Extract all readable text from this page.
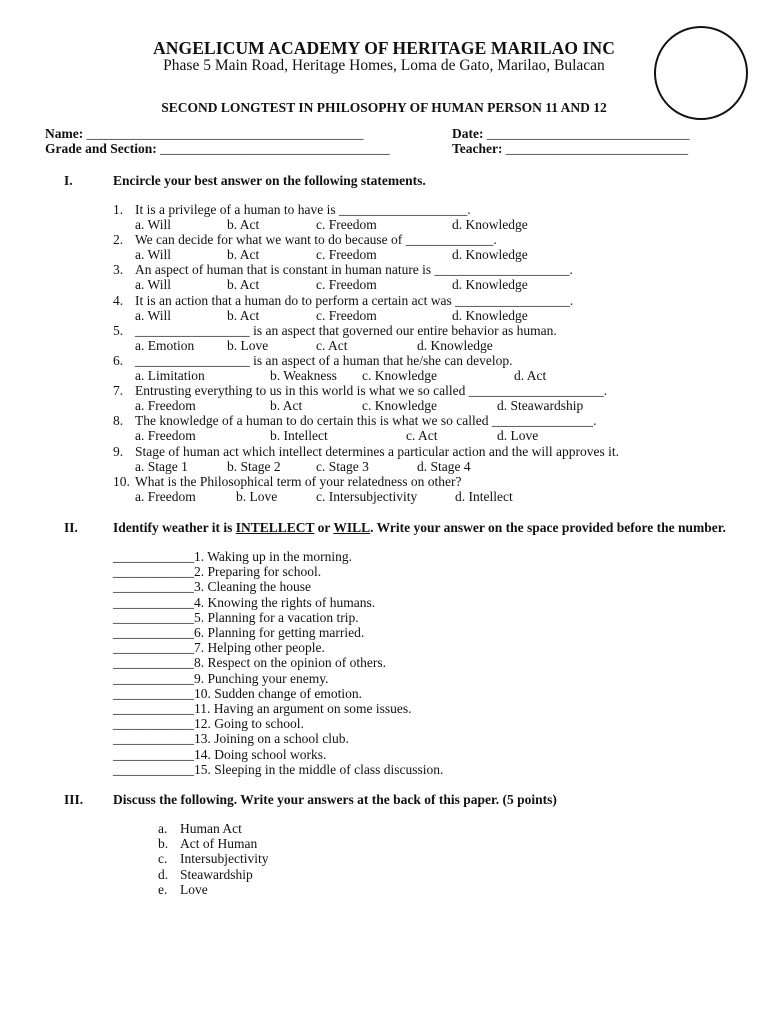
ANGELICUM ACADEMY OF HERITAGE MARILAO INC
Phase 5 Main Road, Heritage Homes, Loma de Gato, Marilao, Bulacan
SECOND LONGTEST IN PHILOSOPHY OF HUMAN PERSON 11 AND 12
Name: _________________________________________	Date: ______________________________
Grade and Section: __________________________________	Teacher: ___________________________
I.	Encircle your best answer on the following statements.
1. It is a privilege of a human to have is ___________________.
a. Will	b. Act	c. Freedom	d. Knowledge
2. We can decide for what we want to do because of _____________.
a. Will	b. Act	c. Freedom	d. Knowledge
3. An aspect of human that is constant in human nature is ____________________.
a. Will	b. Act	c. Freedom	d. Knowledge
4. It is an action that a human do to perform a certain act was _________________.
a. Will	b. Act	c. Freedom	d. Knowledge
5. _________________ is an aspect that governed our entire behavior as human.
a. Emotion b. Love	c. Act	d. Knowledge
6. _________________ is an aspect of a human that he/she can develop.
a. Limitation	b. Weakness c. Knowledge	d. Act
7. Entrusting everything to us in this world is what we so called ____________________.
a. Freedom	b. Act	c. Knowledge	d. Steawardship
8. The knowledge of a human to do certain this is what we so called _______________.
a. Freedom	b. Intellect	c. Act	d. Love
9. Stage of human act which intellect determines a particular action and the will approves it.
a. Stage 1	b. Stage 2	c. Stage 3	d. Stage 4
10. What is the Philosophical term of your relatedness on other?
a. Freedom	b. Love	c. Intersubjectivity	d. Intellect
II.	Identify weather it is INTELLECT or WILL. Write your answer on the space provided before the number.
____________1. Waking up in the morning.
____________2. Preparing for school.
____________3. Cleaning the house
____________4. Knowing the rights of humans.
____________5. Planning for a vacation trip.
____________6. Planning for getting married.
____________7. Helping other people.
____________8. Respect on the opinion of others.
____________9. Punching your enemy.
____________10. Sudden change of emotion.
____________11. Having an argument on some issues.
____________12. Going to school.
____________13. Joining on a school club.
____________14. Doing school works.
____________15. Sleeping in the middle of class discussion.
III. Discuss the following. Write your answers at the back of this paper. (5 points)
a. Human Act
b. Act of Human
c. Intersubjectivity
d. Steawardship
e. Love
